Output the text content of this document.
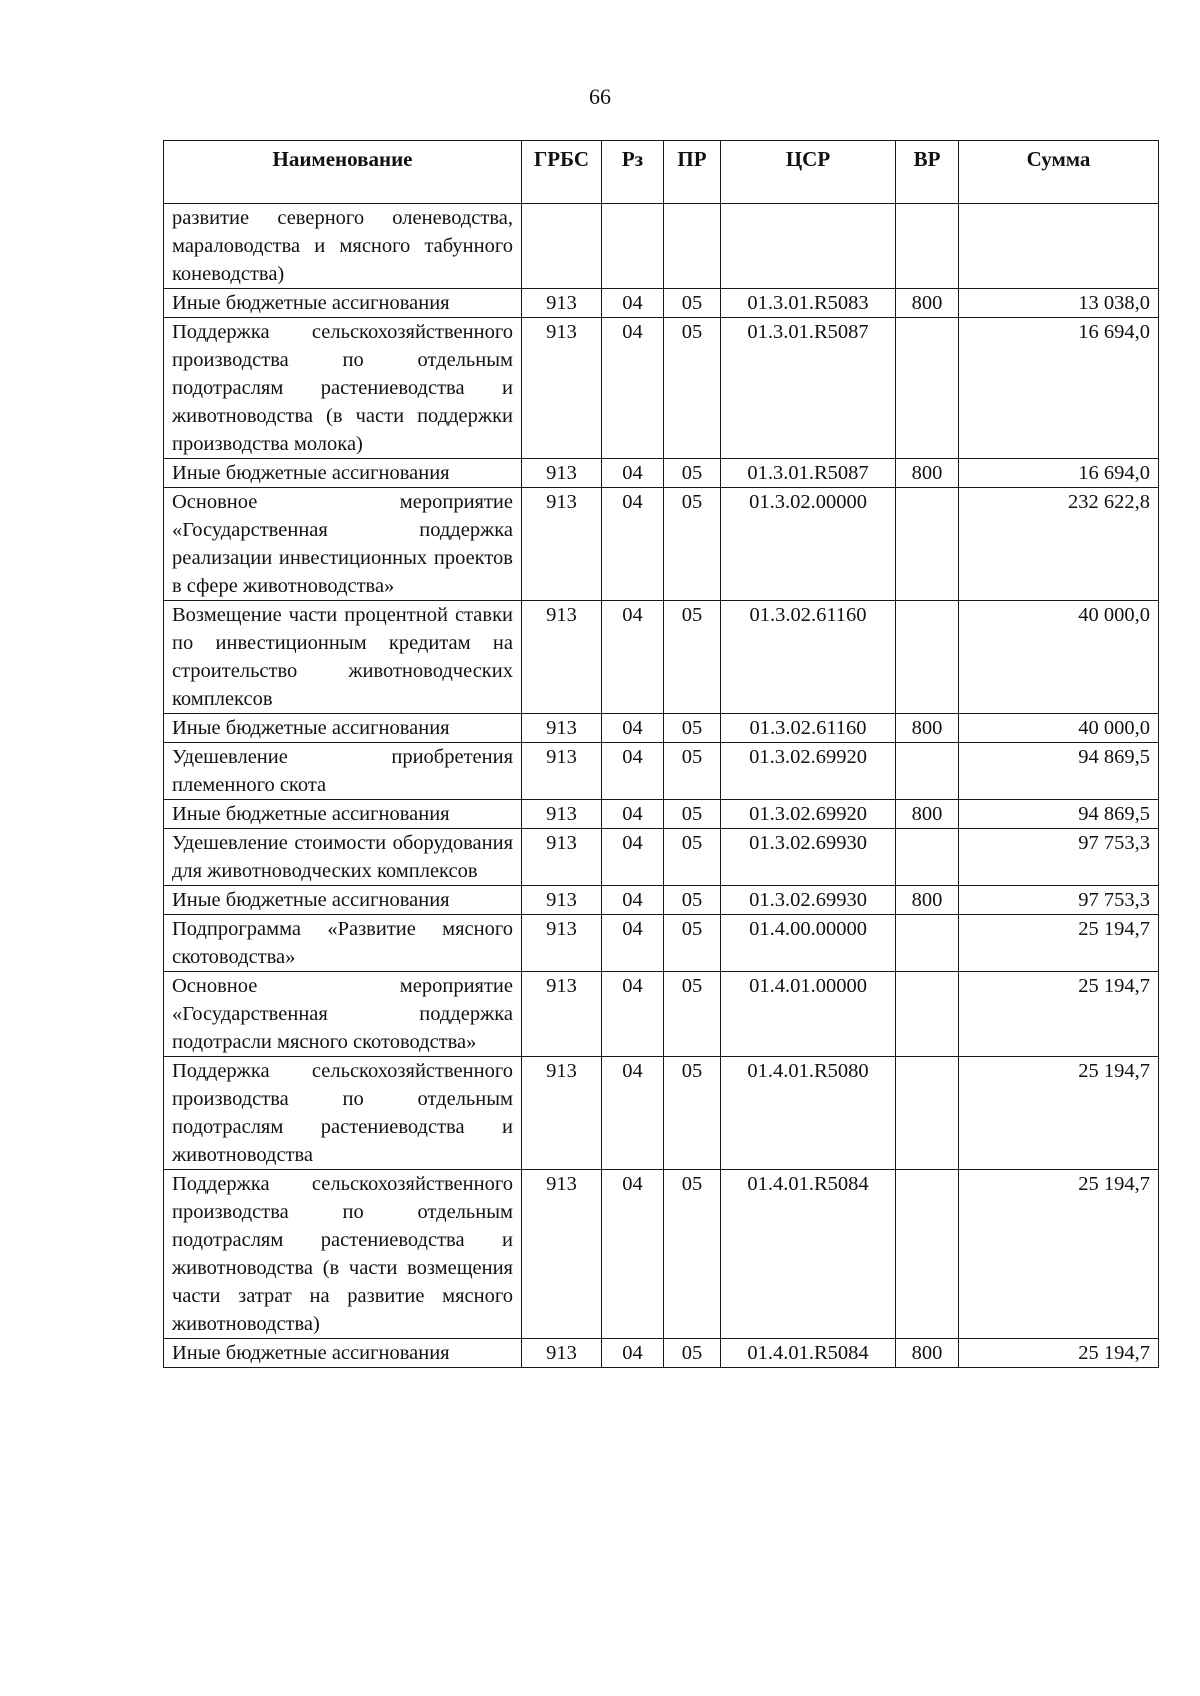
66
Наименование	ГРБС	Рз	ПР	ЦСР	ВР	Сумма
развитие северного оленеводства, мараловодства и мясного табунного коневодства)						
Иные бюджетные ассигнования	913	04	05	01.3.01.R5083	800	13 038,0
Поддержка сельскохозяйственного производства по отдельным подотраслям растениеводства и животноводства (в части поддержки производства молока)	913	04	05	01.3.01.R5087		16 694,0
Иные бюджетные ассигнования	913	04	05	01.3.01.R5087	800	16 694,0
Основное мероприятие «Государственная поддержка реализации инвестиционных проектов в сфере животноводства»	913	04	05	01.3.02.00000		232 622,8
Возмещение части процентной ставки по инвестиционным кредитам на строительство животноводческих комплексов	913	04	05	01.3.02.61160		40 000,0
Иные бюджетные ассигнования	913	04	05	01.3.02.61160	800	40 000,0
Удешевление приобретения племенного скота	913	04	05	01.3.02.69920		94 869,5
Иные бюджетные ассигнования	913	04	05	01.3.02.69920	800	94 869,5
Удешевление стоимости оборудования для животноводческих комплексов	913	04	05	01.3.02.69930		97 753,3
Иные бюджетные ассигнования	913	04	05	01.3.02.69930	800	97 753,3
Подпрограмма «Развитие мясного скотоводства»	913	04	05	01.4.00.00000		25 194,7
Основное мероприятие «Государственная поддержка подотрасли мясного скотоводства»	913	04	05	01.4.01.00000		25 194,7
Поддержка сельскохозяйственного производства по отдельным подотраслям растениеводства и животноводства	913	04	05	01.4.01.R5080		25 194,7
Поддержка сельскохозяйственного производства по отдельным подотраслям растениеводства и животноводства (в части возмещения части затрат на развитие мясного животноводства)	913	04	05	01.4.01.R5084		25 194,7
Иные бюджетные ассигнования	913	04	05	01.4.01.R5084	800	25 194,7
